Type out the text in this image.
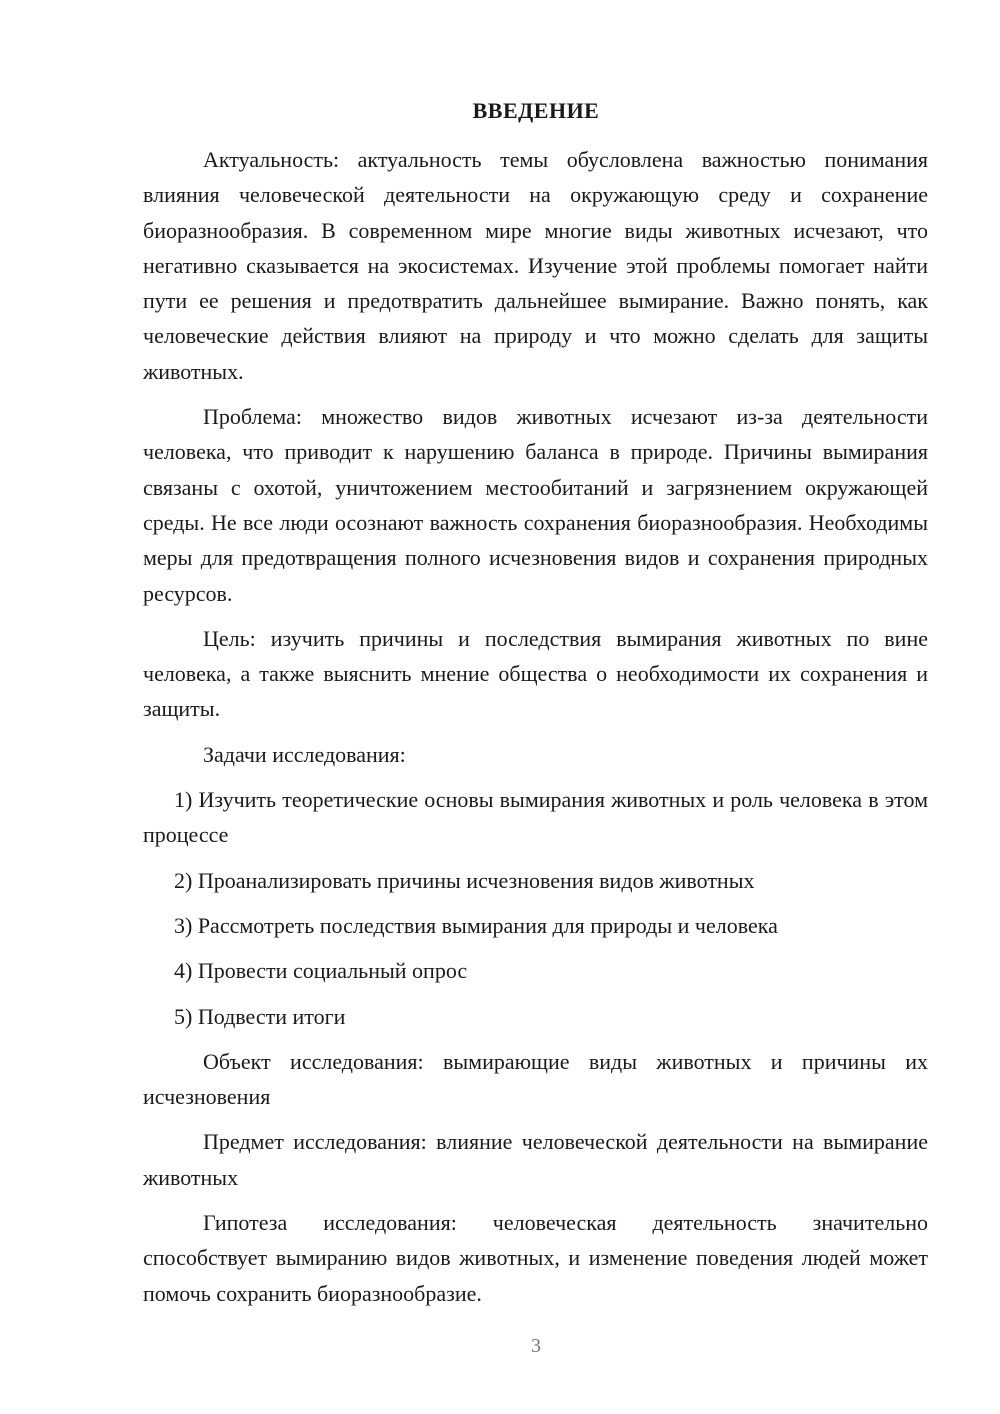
ВВЕДЕНИЕ

Актуальность: актуальность темы обусловлена важностью понимания влияния человеческой деятельности на окружающую среду и сохранение биоразнообразия. В современном мире многие виды животных исчезают, что негативно сказывается на экосистемах. Изучение этой проблемы помогает найти пути ее решения и предотвратить дальнейшее вымирание. Важно понять, как человеческие действия влияют на природу и что можно сделать для защиты животных.

Проблема: множество видов животных исчезают из-за деятельности человека, что приводит к нарушению баланса в природе. Причины вымирания связаны с охотой, уничтожением местообитаний и загрязнением окружающей среды. Не все люди осознают важность сохранения биоразнообразия. Необходимы меры для предотвращения полного исчезновения видов и сохранения природных ресурсов.

Цель: изучить причины и последствия вымирания животных по вине человека, а также выяснить мнение общества о необходимости их сохранения и защиты.

Задачи исследования:

1) Изучить теоретические основы вымирания животных и роль человека в этом процессе

2) Проанализировать причины исчезновения видов животных

3) Рассмотреть последствия вымирания для природы и человека

4) Провести социальный опрос

5) Подвести итоги

Объект исследования: вымирающие виды животных и причины их исчезновения

Предмет исследования: влияние человеческой деятельности на вымирание животных

Гипотеза исследования: человеческая деятельность значительно способствует вымиранию видов животных, и изменение поведения людей может помочь сохранить биоразнообразие.

3
